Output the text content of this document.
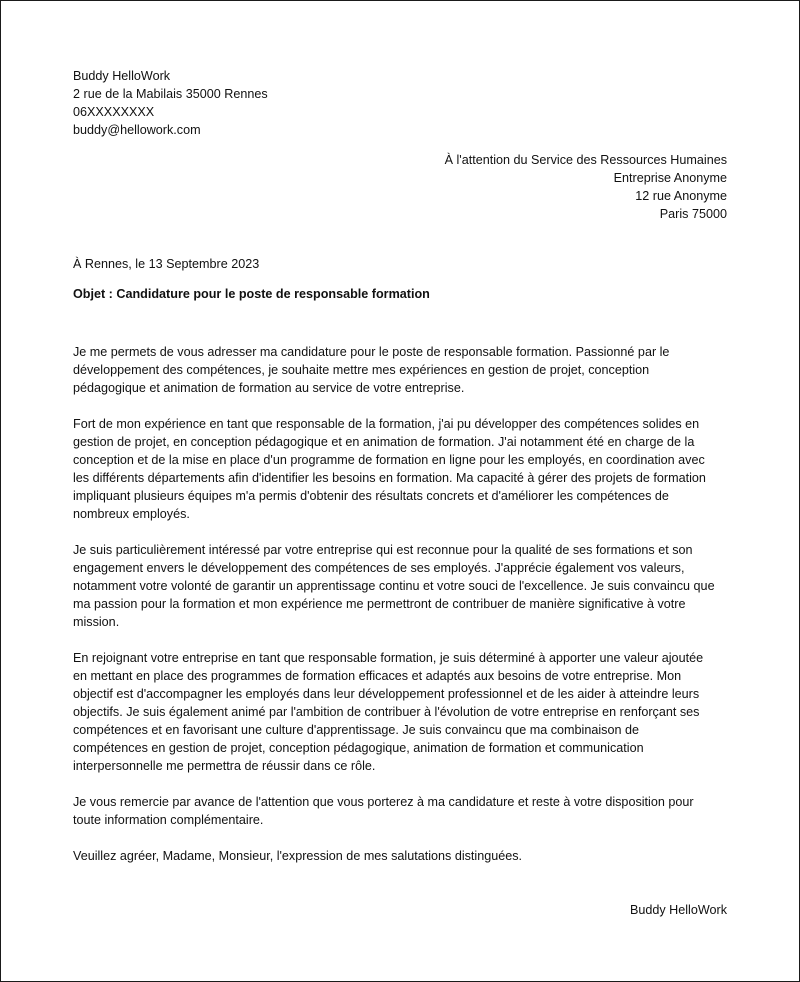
Buddy HelloWork
2 rue de la Mabilais 35000 Rennes
06XXXXXXXX
buddy@hellowork.com
À l'attention du Service des Ressources Humaines
Entreprise Anonyme
12 rue Anonyme
Paris 75000
À Rennes, le 13 Septembre 2023
Objet : Candidature pour le poste de responsable formation
Je me permets de vous adresser ma candidature pour le poste de responsable formation. Passionné par le
développement des compétences, je souhaite mettre mes expériences en gestion de projet, conception
pédagogique et animation de formation au service de votre entreprise.
Fort de mon expérience en tant que responsable de la formation, j'ai pu développer des compétences solides en
gestion de projet, en conception pédagogique et en animation de formation. J'ai notamment été en charge de la
conception et de la mise en place d'un programme de formation en ligne pour les employés, en coordination avec
les différents départements afin d'identifier les besoins en formation. Ma capacité à gérer des projets de formation
impliquant plusieurs équipes m'a permis d'obtenir des résultats concrets et d'améliorer les compétences de
nombreux employés.
Je suis particulièrement intéressé par votre entreprise qui est reconnue pour la qualité de ses formations et son
engagement envers le développement des compétences de ses employés. J'apprécie également vos valeurs,
notamment votre volonté de garantir un apprentissage continu et votre souci de l'excellence. Je suis convaincu que
ma passion pour la formation et mon expérience me permettront de contribuer de manière significative à votre
mission.
En rejoignant votre entreprise en tant que responsable formation, je suis déterminé à apporter une valeur ajoutée
en mettant en place des programmes de formation efficaces et adaptés aux besoins de votre entreprise. Mon
objectif est d'accompagner les employés dans leur développement professionnel et de les aider à atteindre leurs
objectifs. Je suis également animé par l'ambition de contribuer à l'évolution de votre entreprise en renforçant ses
compétences et en favorisant une culture d'apprentissage. Je suis convaincu que ma combinaison de
compétences en gestion de projet, conception pédagogique, animation de formation et communication
interpersonnelle me permettra de réussir dans ce rôle.
Je vous remercie par avance de l'attention que vous porterez à ma candidature et reste à votre disposition pour
toute information complémentaire.
Veuillez agréer, Madame, Monsieur, l'expression de mes salutations distinguées.
Buddy HelloWork
